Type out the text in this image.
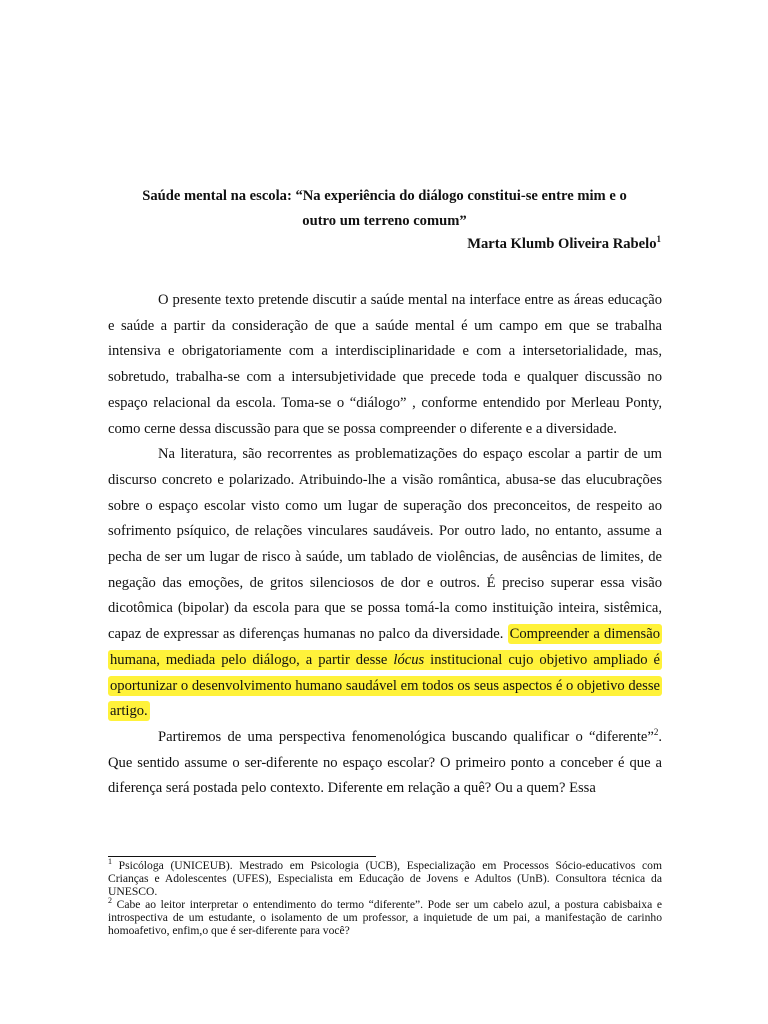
Saúde mental na escola: “Na experiência do diálogo constitui-se entre mim e o
outro um terreno comum”

Marta Klumb Oliveira Rabelo$^1$

O presente texto pretende discutir a saúde mental na interface entre as áreas educação e saúde a partir da consideração de que a saúde mental é um campo em que se trabalha intensiva e obrigatoriamente com a interdisciplinaridade e com a intersetorialidade, mas, sobretudo, trabalha-se com a intersubjetividade que precede toda e qualquer discussão no espaço relacional da escola. Toma-se o “diálogo” , conforme entendido por Merleau Ponty, como cerne dessa discussão para que se possa compreender o diferente e a diversidade.

Na literatura, são recorrentes as problematizações do espaço escolar a partir de um discurso concreto e polarizado. Atribuindo-lhe a visão romântica, abusa-se das elucubrações sobre o espaço escolar visto como um lugar de superação dos preconceitos, de respeito ao sofrimento psíquico, de relações vinculares saudáveis. Por outro lado, no entanto, assume a pecha de ser um lugar de risco à saúde, um tablado de violências, de ausências de limites, de negação das emoções, de gritos silenciosos de dor e outros. É preciso superar essa visão dicotômica (bipolar) da escola para que se possa tomá-la como instituição inteira, sistêmica, capaz de expressar as diferenças humanas no palco da diversidade. Compreender a dimensão humana, mediada pelo diálogo, a partir desse lócus institucional cujo objetivo ampliado é oportunizar o desenvolvimento humano saudável em todos os seus aspectos é o objetivo desse artigo.

Partiremos de uma perspectiva fenomenológica buscando qualificar o “diferente”$^2$. Que sentido assume o ser-diferente no espaço escolar? O primeiro ponto a conceber é que a diferença será postada pelo contexto. Diferente em relação a quê? Ou a quem? Essa

$^1$ Psicóloga (UNICEUB). Mestrado em Psicologia (UCB), Especialização em Processos Sócio-educativos com Crianças e Adolescentes (UFES), Especialista em Educação de Jovens e Adultos (UnB). Consultora técnica da UNESCO.

$^2$ Cabe ao leitor interpretar o entendimento do termo “diferente”. Pode ser um cabelo azul, a postura cabisbaixa e introspectiva de um estudante, o isolamento de um professor, a inquietude de um pai, a manifestação de carinho homoafetivo, enfim,o que é ser-diferente para você?
